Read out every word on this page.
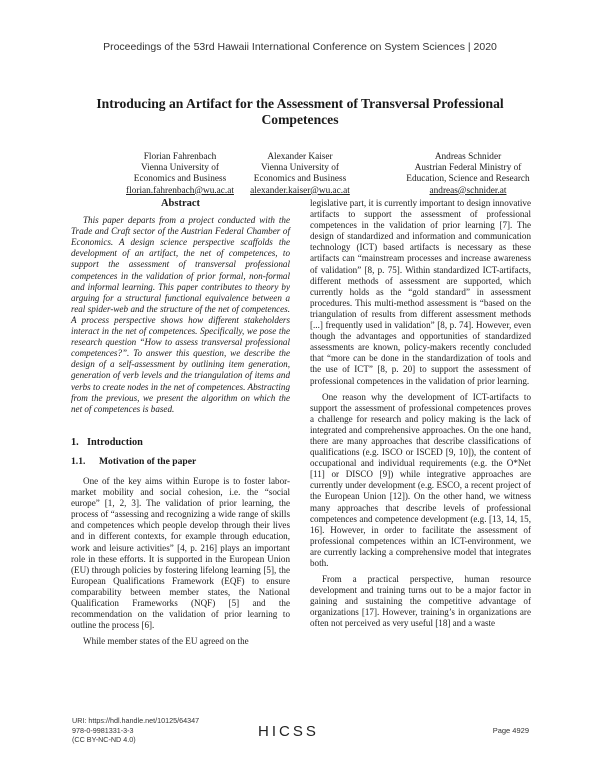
Proceedings of the 53rd Hawaii International Conference on System Sciences | 2020
Introducing an Artifact for the Assessment of Transversal Professional Competences
Florian Fahrenbach
Vienna University of
Economics and Business
florian.fahrenbach@wu.ac.at
Alexander Kaiser
Vienna University of
Economics and Business
alexander.kaiser@wu.ac.at
Andreas Schnider
Austrian Federal Ministry of
Education, Science and Research
andreas@schnider.at
Abstract

This paper departs from a project conducted with the Trade and Craft sector of the Austrian Federal Chamber of Economics. A design science perspective scaffolds the development of an artifact, the net of competences, to support the assessment of transversal professional competences in the validation of prior formal, non-formal and informal learning. This paper contributes to theory by arguing for a structural functional equivalence between a real spider-web and the structure of the net of competences. A process perspective shows how different stakeholders interact in the net of competences. Specifically, we pose the research question “How to assess transversal professional competences?”. To answer this question, we describe the design of a self-assessment by outlining item generation, generation of verb levels and the triangulation of items and verbs to create nodes in the net of competences. Abstracting from the previous, we present the algorithm on which the net of competences is based.

1. Introduction
1.1. Motivation of the paper

One of the key aims within Europe is to foster labor-market mobility and social cohesion, i.e. the “social europe” [1, 2, 3]. The validation of prior learning, the process of “assessing and recognizing a wide range of skills and competences which people develop through their lives and in different contexts, for example through education, work and leisure activities” [4, p. 216] plays an important role in these efforts. It is supported in the European Union (EU) through policies by fostering lifelong learning [5], the European Qualifications Framework (EQF) to ensure comparability between member states, the National Qualification Frameworks (NQF) [5] and the recommendation on the validation of prior learning to outline the process [6].

While member states of the EU agreed on the

legislative part, it is currently important to design innovative artifacts to support the assessment of professional competences in the validation of prior learning [7]. The design of standardized and information and communication technology (ICT) based artifacts is necessary as these artifacts can “mainstream processes and increase awareness of validation” [8, p. 75]. Within standardized ICT-artifacts, different methods of assessment are supported, which currently holds as the “gold standard” in assessment procedures. This multi-method assessment is “based on the triangulation of results from different assessment methods [...] frequently used in validation” [8, p. 74]. However, even though the advantages and opportunities of standardized assessments are known, policy-makers recently concluded that “more can be done in the standardization of tools and the use of ICT” [8, p. 20] to support the assessment of professional competences in the validation of prior learning.

One reason why the development of ICT-artifacts to support the assessment of professional competences proves a challenge for research and policy making is the lack of integrated and comprehensive approaches. On the one hand, there are many approaches that describe classifications of qualifications (e.g. ISCO or ISCED [9, 10]), the content of occupational and individual requirements (e.g. the O*Net [11] or DISCO [9]) while integrative approaches are currently under development (e.g. ESCO, a recent project of the European Union [12]). On the other hand, we witness many approaches that describe levels of professional competences and competence development (e.g. [13, 14, 15, 16]. However, in order to facilitate the assessment of professional competences within an ICT-environment, we are currently lacking a comprehensive model that integrates both.

From a practical perspective, human resource development and training turns out to be a major factor in gaining and sustaining the competitive advantage of organizations [17]. However, training’s in organizations are often not perceived as very useful [18] and a waste

URI: https://hdl.handle.net/10125/64347
978-0-9981331-3-3
(CC BY-NC-ND 4.0)	HICSS	Page 4929
